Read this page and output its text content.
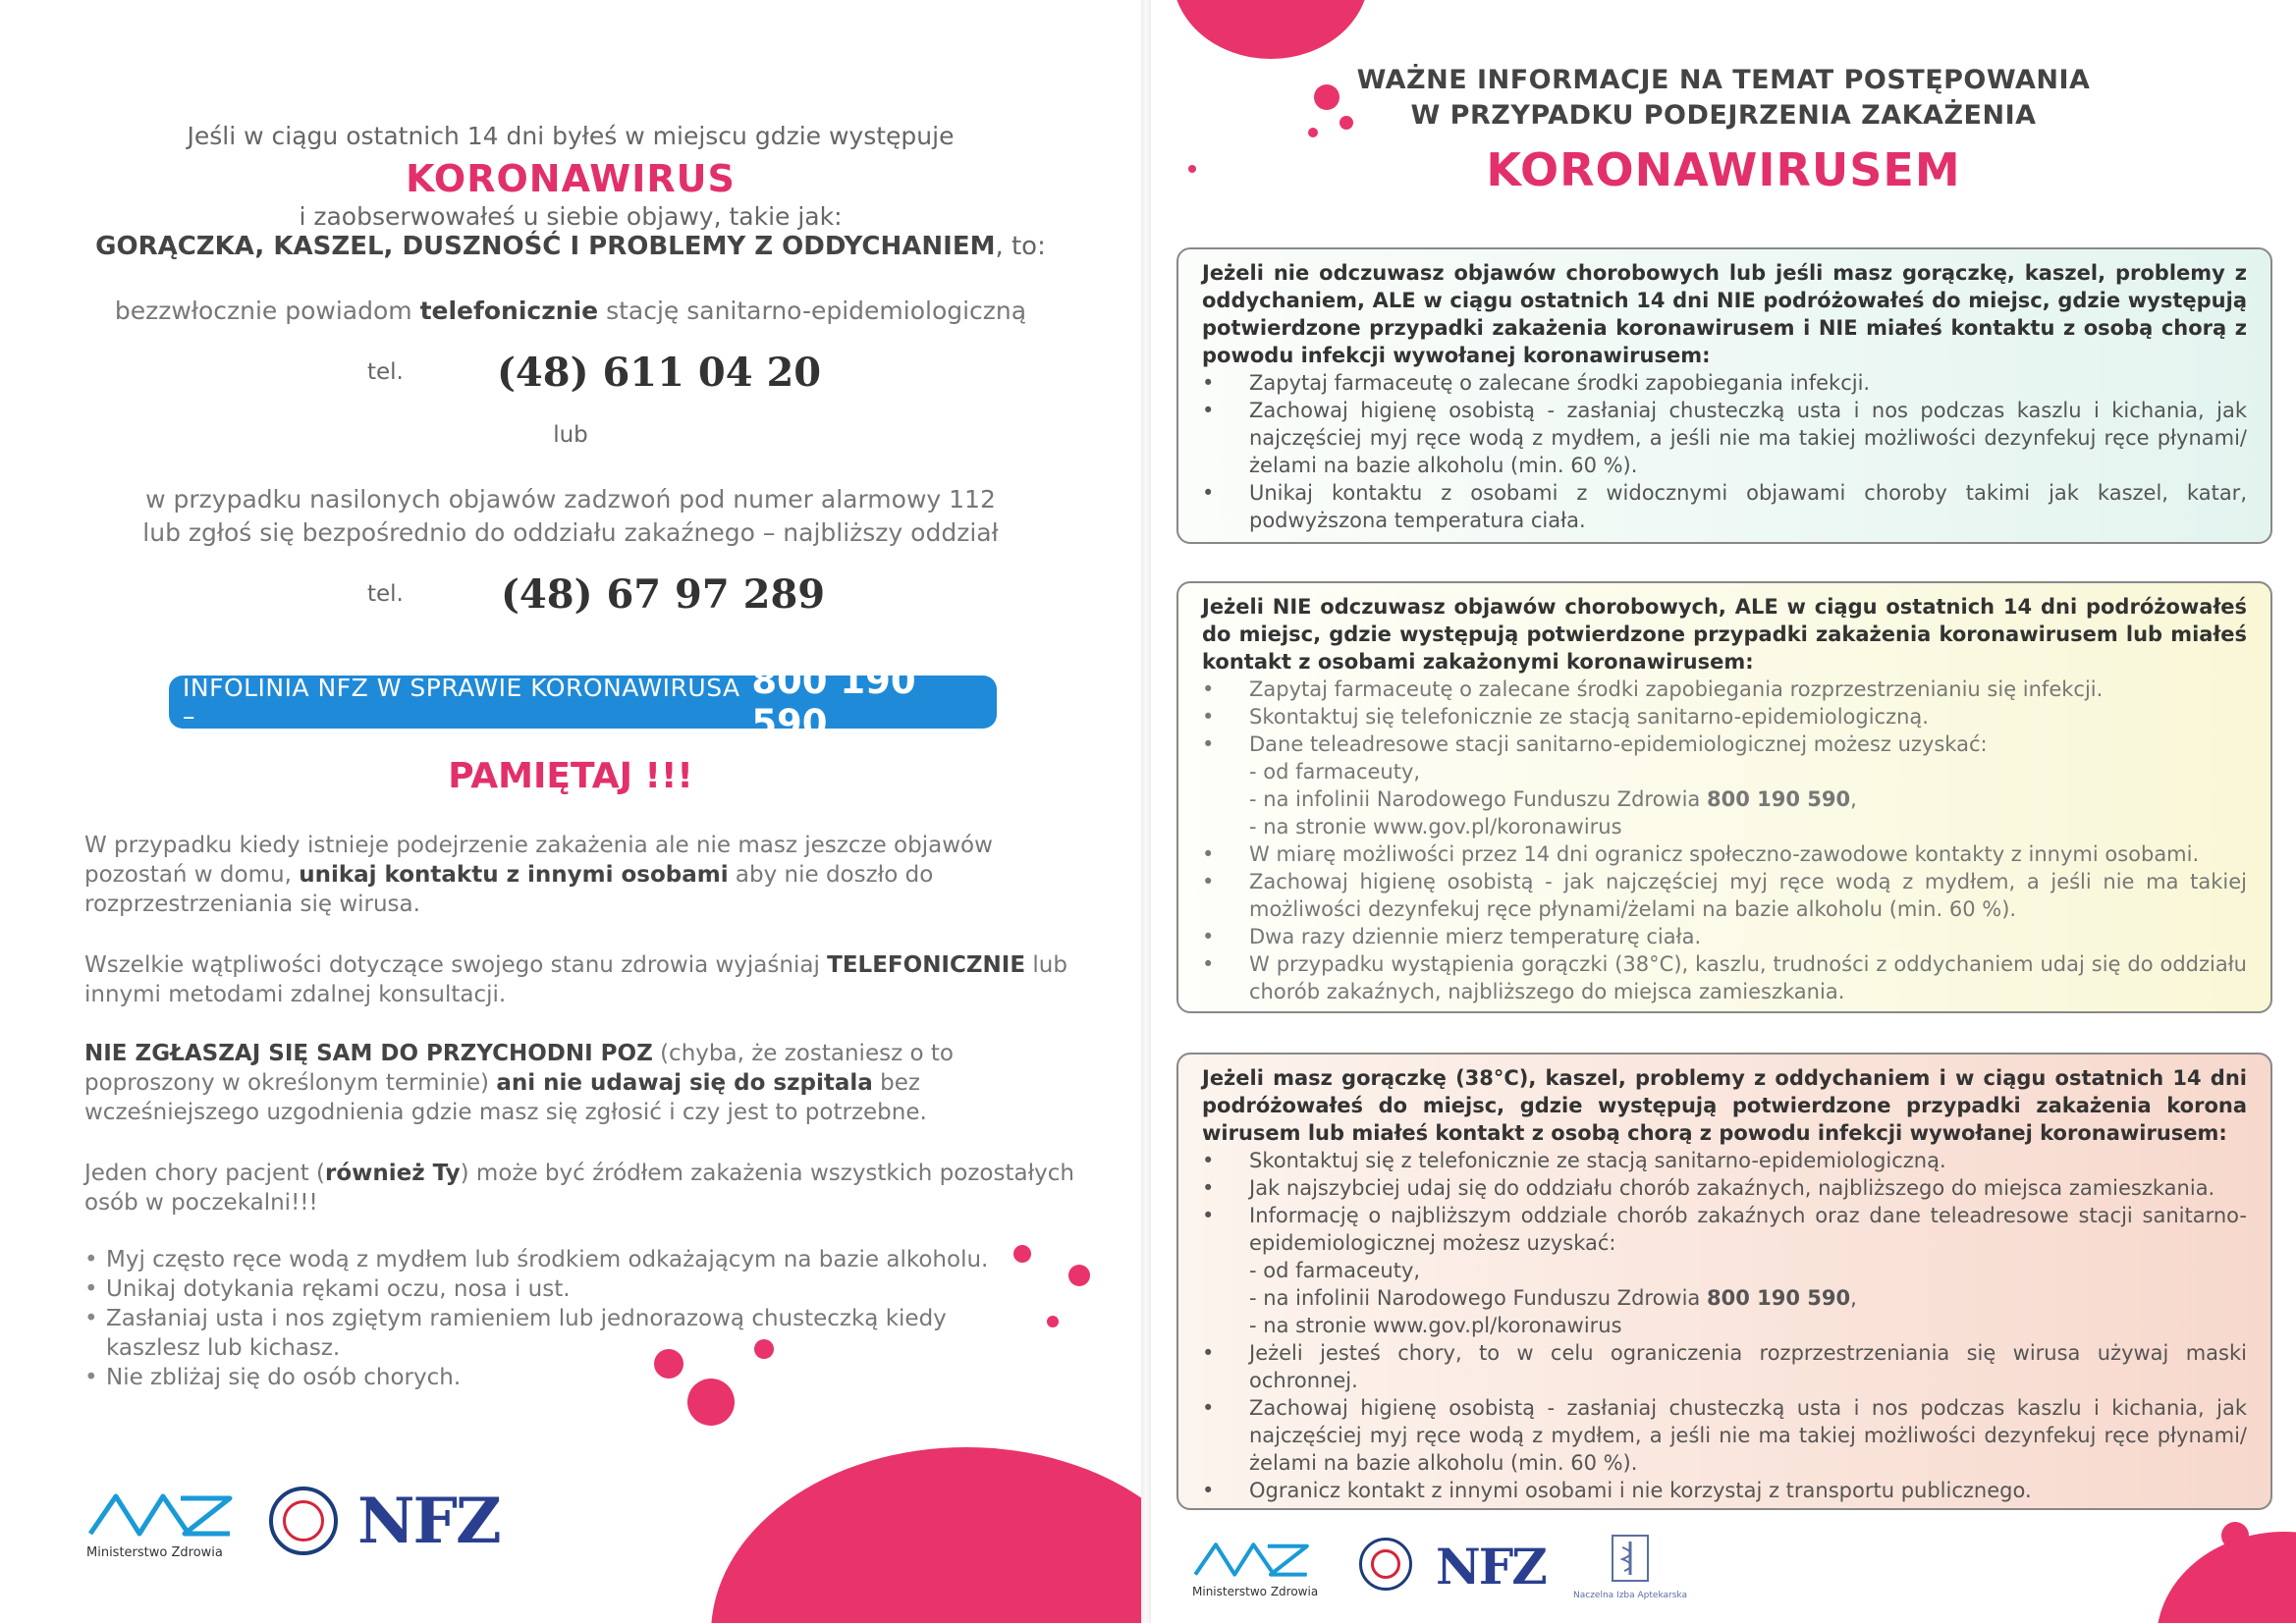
Jeśli w ciągu ostatnich 14 dni byłeś w miejscu gdzie występuje
KORONAWIRUS
i zaobserwowałeś u siebie objawy, takie jak:
GORĄCZKA, KASZEL, DUSZNOŚĆ I PROBLEMY Z ODDYCHANIEM, to:
bezzwłocznie powiadom telefonicznie stację sanitarno-epidemiologiczną
tel. (48) 611 04 20
lub
w przypadku nasilonych objawów zadzwoń pod numer alarmowy 112
lub zgłoś się bezpośrednio do oddziału zakaźnego – najbliższy oddział
tel. (48) 67 97 289
INFOLINIA NFZ W SPRAWIE KORONAWIRUSA –
800 190 590
PAMIĘTAJ !!!
W przypadku kiedy istnieje podejrzenie zakażenia ale nie masz jeszcze objawów pozostań w domu, unikaj kontaktu z innymi osobami aby nie doszło do rozprzestrzeniania się wirusa.
Wszelkie wątpliwości dotyczące swojego stanu zdrowia wyjaśniaj TELEFONICZNIE lub innymi metodami zdalnej konsultacji.
NIE ZGŁASZAJ SIĘ SAM DO PRZYCHODNI POZ (chyba, że zostaniesz o to poproszony w określonym terminie) ani nie udawaj się do szpitala bez wcześniejszego uzgodnienia gdzie masz się zgłosić i czy jest to potrzebne.
Jeden chory pacjent (również Ty) może być źródłem zakażenia wszystkich pozostałych osób w poczekalni!!!
• Myj często ręce wodą z mydłem lub środkiem odkażającym na bazie alkoholu.
• Unikaj dotykania rękami oczu, nosa i ust.
• Zasłaniaj usta i nos zgiętym ramieniem lub jednorazową chusteczką kiedy kaszlesz lub kichasz.
• Nie zbliżaj się do osób chorych.
Ministerstwo Zdrowia NFZ
WAŻNE INFORMACJE NA TEMAT POSTĘPOWANIA
W PRZYPADKU PODEJRZENIA ZAKAŻENIA
KORONAWIRUSEM
Jeżeli nie odczuwasz objawów chorobowych lub jeśli masz gorączkę, kaszel, problemy z oddychaniem, ALE w ciągu ostatnich 14 dni NIE podróżowałeś do miejsc, gdzie występują potwierdzone przypadki zakażenia koronawirusem i NIE miałeś kontaktu z osobą chorą z powodu infekcji wywołanej koronawirusem:
• Zapytaj farmaceutę o zalecane środki zapobiegania infekcji.
• Zachowaj higienę osobistą - zasłaniaj chusteczką usta i nos podczas kaszlu i kichania, jak najczęściej myj ręce wodą z mydłem, a jeśli nie ma takiej możliwości dezynfekuj ręce płynami/żelami na bazie alkoholu (min. 60 %).
• Unikaj kontaktu z osobami z widocznymi objawami choroby takimi jak kaszel, katar, podwyższona temperatura ciała.
Jeżeli NIE odczuwasz objawów chorobowych, ALE w ciągu ostatnich 14 dni podróżowałeś do miejsc, gdzie występują potwierdzone przypadki zakażenia koronawirusem lub miałeś kontakt z osobami zakażonymi koronawirusem:
• Zapytaj farmaceutę o zalecane środki zapobiegania rozprzestrzenianiu się infekcji.
• Skontaktuj się telefonicznie ze stacją sanitarno-epidemiologiczną.
• Dane teleadresowe stacji sanitarno-epidemiologicznej możesz uzyskać:
- od farmaceuty,
- na infolinii Narodowego Funduszu Zdrowia 800 190 590,
- na stronie www.gov.pl/koronawirus
• W miarę możliwości przez 14 dni ogranicz społeczno-zawodowe kontakty z innymi osobami.
• Zachowaj higienę osobistą - jak najczęściej myj ręce wodą z mydłem, a jeśli nie ma takiej możliwości dezynfekuj ręce płynami/żelami na bazie alkoholu (min. 60 %).
• Dwa razy dziennie mierz temperaturę ciała.
• W przypadku wystąpienia gorączki (38°C), kaszlu, trudności z oddychaniem udaj się do oddziału chorób zakaźnych, najbliższego do miejsca zamieszkania.
Jeżeli masz gorączkę (38°C), kaszel, problemy z oddychaniem i w ciągu ostatnich 14 dni podróżowałeś do miejsc, gdzie występują potwierdzone przypadki zakażenia korona wirusem lub miałeś kontakt z osobą chorą z powodu infekcji wywołanej koronawirusem:
• Skontaktuj się z telefonicznie ze stacją sanitarno-epidemiologiczną.
• Jak najszybciej udaj się do oddziału chorób zakaźnych, najbliższego do miejsca zamieszkania.
• Informację o najbliższym oddziale chorób zakaźnych oraz dane teleadresowe stacji sanitarno-epidemiologicznej możesz uzyskać:
- od farmaceuty,
- na infolinii Narodowego Funduszu Zdrowia 800 190 590,
- na stronie www.gov.pl/koronawirus
• Jeżeli jesteś chory, to w celu ograniczenia rozprzestrzeniania się wirusa używaj maski ochronnej.
• Zachowaj higienę osobistą - zasłaniaj chusteczką usta i nos podczas kaszlu i kichania, jak najczęściej myj ręce wodą z mydłem, a jeśli nie ma takiej możliwości dezynfekuj ręce płynami/żelami na bazie alkoholu (min. 60 %).
• Ogranicz kontakt z innymi osobami i nie korzystaj z transportu publicznego.
Ministerstwo Zdrowia NFZ	Naczelna Izba Aptekarska
